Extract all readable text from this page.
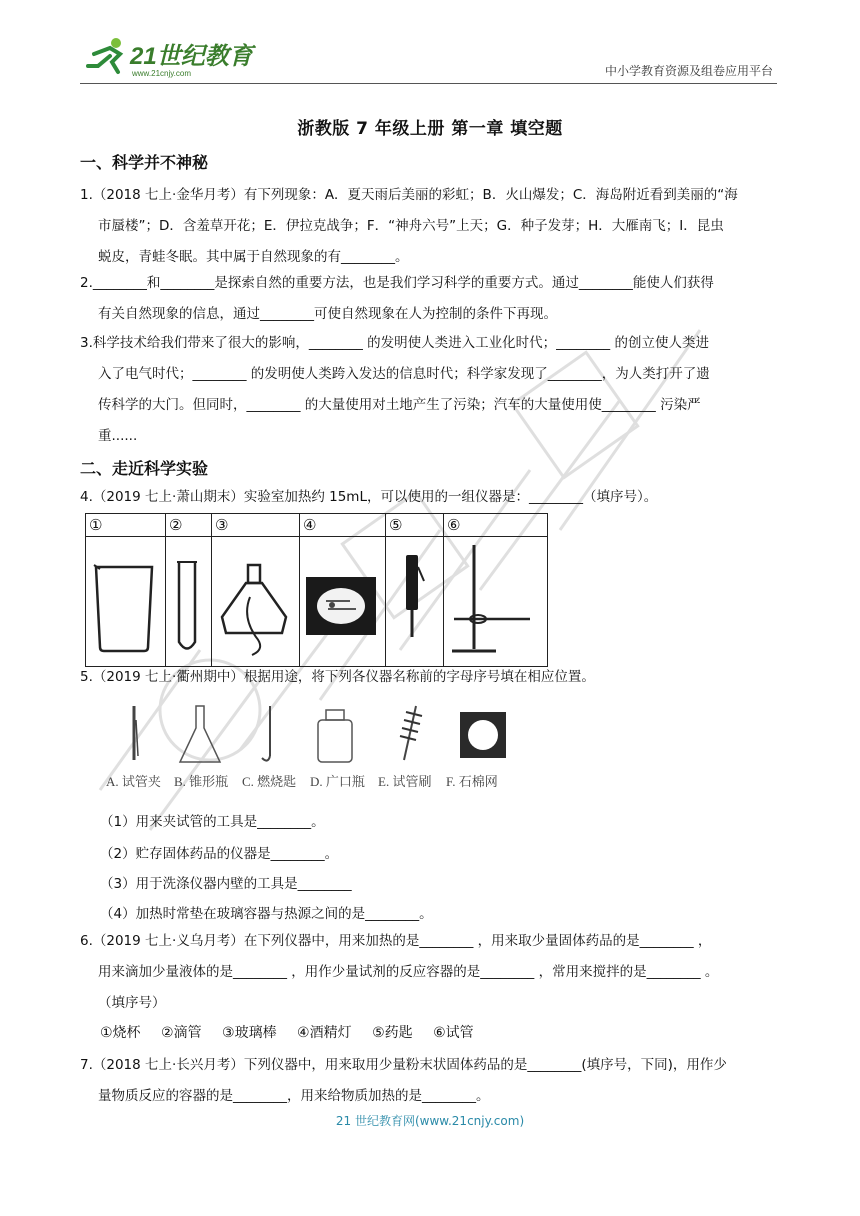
21世纪教育
www.21cnjy.com	中小学教育资源及组卷应用平台
浙教版 7 年级上册 第一章 填空题
一、科学并不神秘

1.（2018 七上·金华月考）有下列现象：A．夏天雨后美丽的彩虹；B．火山爆发；C．海岛附近看到美丽的“海

市蜃楼”；D．含羞草开花；E．伊拉克战争；F．“神舟六号”上天；G．种子发芽；H．大雁南飞；I．昆虫

蜕皮，青蛙冬眠。其中属于自然现象的有________。

2.________和________是探索自然的重要方法，也是我们学习科学的重要方式。通过________能使人们获得

有关自然现象的信息，通过________可使自然现象在人为控制的条件下再现。

3.科学技术给我们带来了很大的影响，________ 的发明使人类进入工业化时代；________ 的创立使人类进

入了电气时代；________ 的发明使人类跨入发达的信息时代；科学家发现了________，为人类打开了遗

传科学的大门。但同时，________ 的大量使用对土地产生了污染；汽车的大量使用使________ 污染严

重......

二、走近科学实验

4.（2019 七上·萧山期末）实验室加热约 15mL，可以使用的一组仪器是：________（填序号）。

①	②	③	④	⑤	⑥

5.（2019 七上·衢州期中）根据用途，将下列各仪器名称前的字母序号填在相应位置。

A. 试管夹 B. 锥形瓶 C. 燃烧匙 D. 广口瓶 E. 试管刷 F. 石棉网
（1）用来夹试管的工具是________。
（2）贮存固体药品的仪器是________。
（3）用于洗涤仪器内壁的工具是________
（4）加热时常垫在玻璃容器与热源之间的是________。

6.（2019 七上·义乌月考）在下列仪器中，用来加热的是________ ，用来取少量固体药品的是________ ，

用来滴加少量液体的是________ ，用作少量试剂的反应容器的是________ ，常用来搅拌的是________ 。

（填序号）

①烧杯 ②滴管 ③玻璃棒 ④酒精灯 ⑤药匙 ⑥试管

7.（2018 七上·长兴月考）下列仪器中，用来取用少量粉末状固体药品的是________(填序号，下同)，用作少

量物质反应的容器的是________，用来给物质加热的是________。

21 世纪教育网(www.21cnjy.com)
